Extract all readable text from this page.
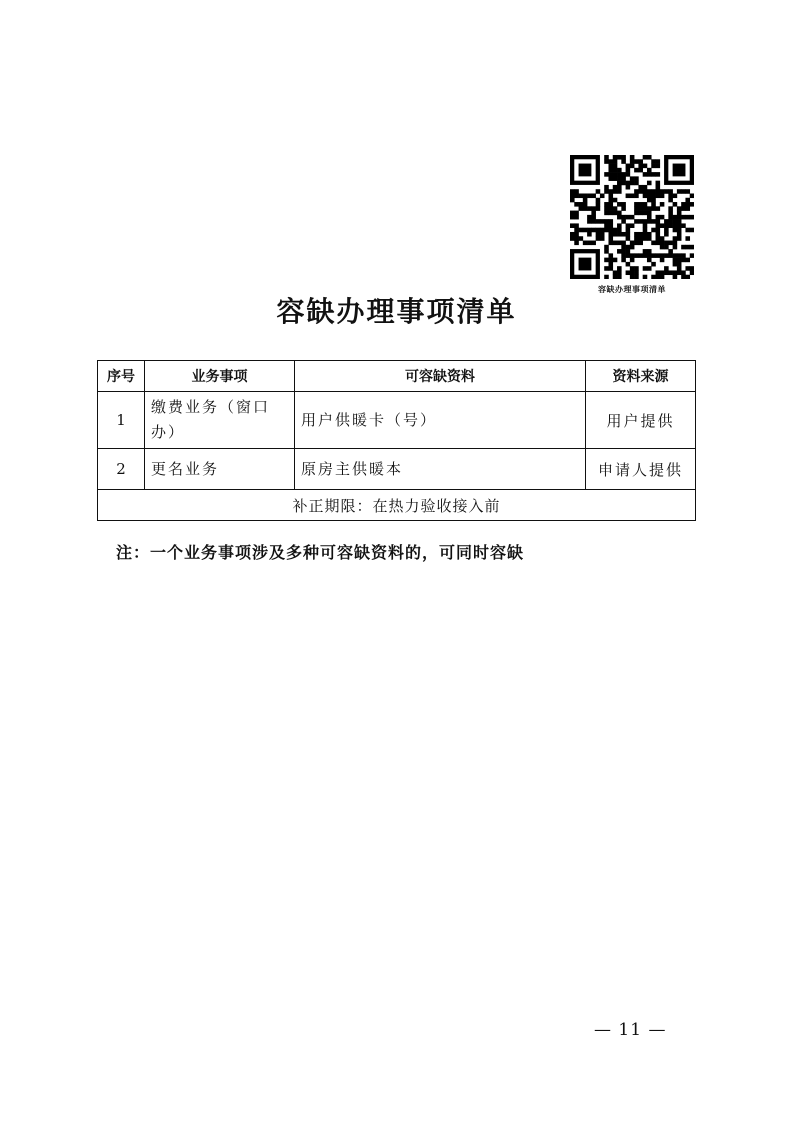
容缺办理事项清单
容缺办理事项清单
序号	业务事项	可容缺资料	资料来源
1	缴费业务（窗口办）	用户供暖卡（号）	用户提供
2	更名业务	原房主供暖本	申请人提供
补正期限：在热力验收接入前			
注：一个业务事项涉及多种可容缺资料的，可同时容缺
— 11 —
